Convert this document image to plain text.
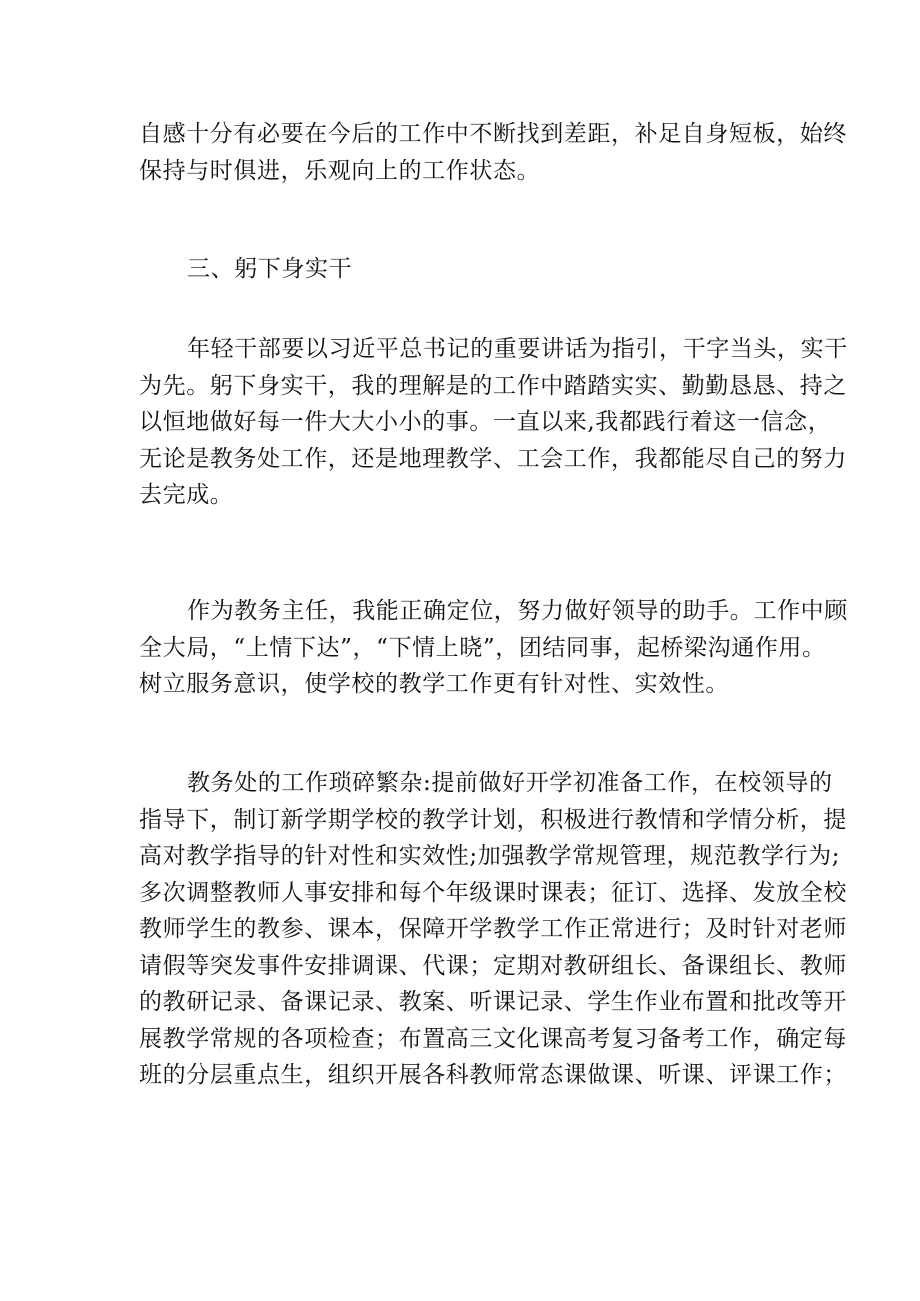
自感十分有必要在今后的工作中不断找到差距，补足自身短板，始终
保持与时俱进，乐观向上的工作状态。
三、躬下身实干
年轻干部要以习近平总书记的重要讲话为指引，干字当头，实干
为先。躬下身实干，我的理解是的工作中踏踏实实、勤勤恳恳、持之
以恒地做好每一件大大小小的事。一直以来,我都践行着这一信念，
无论是教务处工作，还是地理教学、工会工作，我都能尽自己的努力
去完成。
作为教务主任，我能正确定位，努力做好领导的助手。工作中顾
全大局，“上情下达”，“下情上晓”，团结同事，起桥梁沟通作用。
树立服务意识，使学校的教学工作更有针对性、实效性。
教务处的工作琐碎繁杂:提前做好开学初准备工作，在校领导的
指导下，制订新学期学校的教学计划，积极进行教情和学情分析，提
高对教学指导的针对性和实效性;加强教学常规管理，规范教学行为;
多次调整教师人事安排和每个年级课时课表；征订、选择、发放全校
教师学生的教参、课本，保障开学教学工作正常进行；及时针对老师
请假等突发事件安排调课、代课；定期对教研组长、备课组长、教师
的教研记录、备课记录、教案、听课记录、学生作业布置和批改等开
展教学常规的各项检查；布置高三文化课高考复习备考工作，确定每
班的分层重点生，组织开展各科教师常态课做课、听课、评课工作；
